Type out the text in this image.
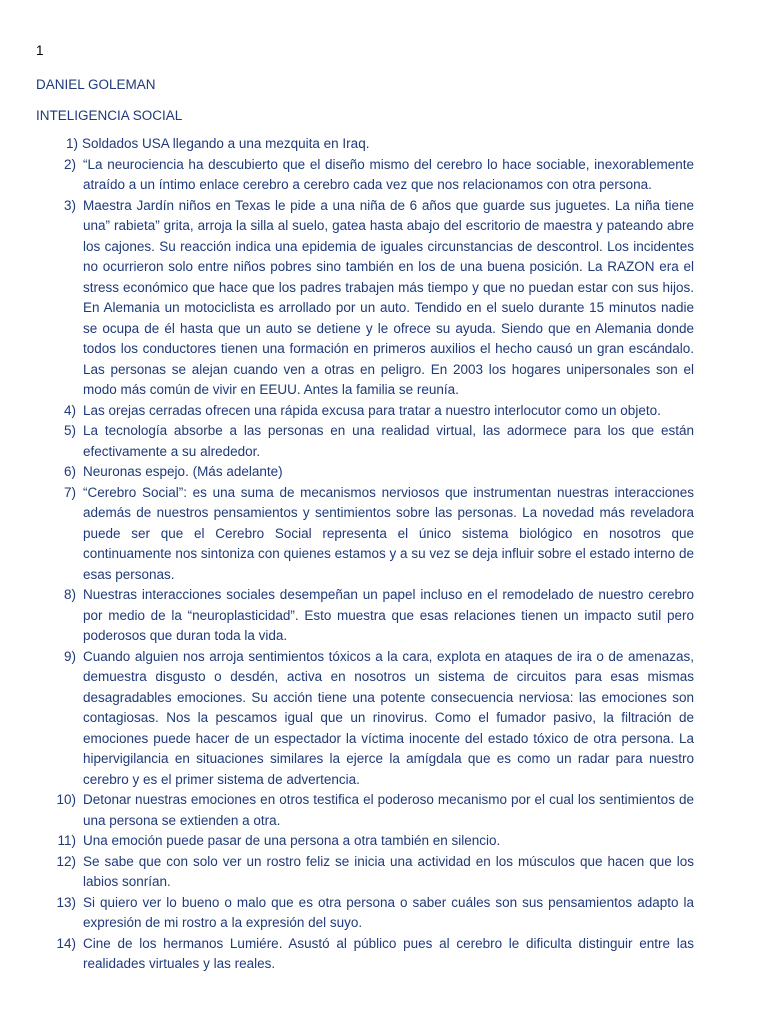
1
DANIEL GOLEMAN
INTELIGENCIA SOCIAL
1) Soldados USA llegando a una mezquita en Iraq.
2) “La neurociencia ha descubierto que el diseño mismo del cerebro lo hace sociable, inexorablemente atraído a un íntimo enlace cerebro a cerebro cada vez que nos relacionamos con otra persona.
3) Maestra Jardín niños en Texas le pide a una niña de 6 años que guarde sus juguetes. La niña tiene una” rabieta” grita, arroja la silla al suelo, gatea hasta abajo del escritorio de maestra y pateando abre los cajones. Su reacción indica una epidemia de iguales circunstancias de descontrol. Los incidentes no ocurrieron solo entre niños pobres sino también en los de una buena posición. La RAZON era el stress económico que hace que los padres trabajen más tiempo y que no puedan estar con sus hijos. En Alemania un motociclista es arrollado por un auto. Tendido en el suelo durante 15 minutos nadie se ocupa de él hasta que un auto se detiene y le ofrece su ayuda. Siendo que en Alemania donde todos los conductores tienen una formación en primeros auxilios el hecho causó un gran escándalo. Las personas se alejan cuando ven a otras en peligro. En 2003 los hogares unipersonales son el modo más común de vivir en EEUU. Antes la familia se reunía.
4) Las orejas cerradas ofrecen una rápida excusa para tratar a nuestro interlocutor como un objeto.
5) La tecnología absorbe a las personas en una realidad virtual, las adormece para los que están efectivamente a su alrededor.
6) Neuronas espejo. (Más adelante)
7) “Cerebro Social”: es una suma de mecanismos nerviosos que instrumentan nuestras interacciones además de nuestros pensamientos y sentimientos sobre las personas. La novedad más reveladora puede ser que el Cerebro Social representa el único sistema biológico en nosotros que continuamente nos sintoniza con quienes estamos y a su vez se deja influir sobre el estado interno de esas personas.
8) Nuestras interacciones sociales desempeñan un papel incluso en el remodelado de nuestro cerebro por medio de la “neuroplasticidad”. Esto muestra que esas relaciones tienen un impacto sutil pero poderosos que duran toda la vida.
9) Cuando alguien nos arroja sentimientos tóxicos a la cara, explota en ataques de ira o de amenazas, demuestra disgusto o desdén, activa en nosotros un sistema de circuitos para esas mismas desagradables emociones. Su acción tiene una potente consecuencia nerviosa: las emociones son contagiosas. Nos la pescamos igual que un rinovirus. Como el fumador pasivo, la filtración de emociones puede hacer de un espectador la víctima inocente del estado tóxico de otra persona. La hipervigilancia en situaciones similares la ejerce la amígdala que es como un radar para nuestro cerebro y es el primer sistema de advertencia.
10) Detonar nuestras emociones en otros testifica el poderoso mecanismo por el cual los sentimientos de una persona se extienden a otra.
11) Una emoción puede pasar de una persona a otra también en silencio.
12) Se sabe que con solo ver un rostro feliz se inicia una actividad en los músculos que hacen que los labios sonrían.
13) Si quiero ver lo bueno o malo que es otra persona o saber cuáles son sus pensamientos adapto la expresión de mi rostro a la expresión del suyo.
14) Cine de los hermanos Lumiére. Asustó al público pues al cerebro le dificulta distinguir entre las realidades virtuales y las reales.
